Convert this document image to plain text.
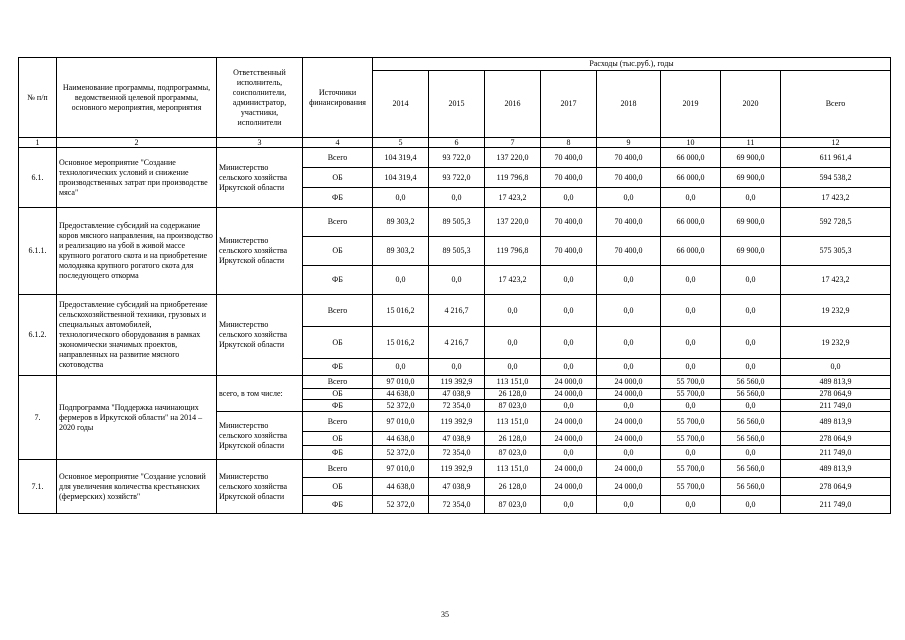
№ п/п	Наименование программы, подпрограммы, ведомственной целевой программы, основного мероприятия, мероприятия	Ответственный исполнитель, соисполнители, администратор, участники, исполнители	Источники финансирования	Расходы (тыс.руб.), годы							
				2014	2015	2016	2017	2018	2019	2020	Всего
1	2	3	4	5	6	7	8	9	10	11	12
6.1.	Основное мероприятие "Создание технологических условий и снижение производственных затрат при производстве мяса"	Министерство сельского хозяйства Иркутской области	Всего	104 319,4	93 722,0	137 220,0	70 400,0	70 400,0	66 000,0	69 900,0	611 961,4
			ОБ	104 319,4	93 722,0	119 796,8	70 400,0	70 400,0	66 000,0	69 900,0	594 538,2
			ФБ	0,0	0,0	17 423,2	0,0	0,0	0,0	0,0	17 423,2
6.1.1.	Предоставление субсидий на содержание коров мясного направления, на производство и реализацию на убой в живой массе крупного рогатого скота и на приобретение молодняка крупного рогатого скота для последующего откорма	Министерство сельского хозяйства Иркутской области	Всего	89 303,2	89 505,3	137 220,0	70 400,0	70 400,0	66 000,0	69 900,0	592 728,5
			ОБ	89 303,2	89 505,3	119 796,8	70 400,0	70 400,0	66 000,0	69 900,0	575 305,3
			ФБ	0,0	0,0	17 423,2	0,0	0,0	0,0	0,0	17 423,2
6.1.2.	Предоставление субсидий на приобретение сельскохозяйственной техники, грузовых и специальных автомобилей, технологического оборудования в рамках экономически значимых проектов, направленных на развитие мясного скотоводства	Министерство сельского хозяйства Иркутской области	Всего	15 016,2	4 216,7	0,0	0,0	0,0	0,0	0,0	19 232,9
			ОБ	15 016,2	4 216,7	0,0	0,0	0,0	0,0	0,0	19 232,9
			ФБ	0,0	0,0	0,0	0,0	0,0	0,0	0,0	0,0
7.	Подпрограмма "Поддержка начинающих фермеров в Иркутской области" на 2014 – 2020 годы	всего, в том числе:	Всего	97 010,0	119 392,9	113 151,0	24 000,0	24 000,0	55 700,0	56 560,0	489 813,9
			ОБ	44 638,0	47 038,9	26 128,0	24 000,0	24 000,0	55 700,0	56 560,0	278 064,9
			ФБ	52 372,0	72 354,0	87 023,0	0,0	0,0	0,0	0,0	211 749,0
		Министерство сельского хозяйства Иркутской области	Всего	97 010,0	119 392,9	113 151,0	24 000,0	24 000,0	55 700,0	56 560,0	489 813,9
			ОБ	44 638,0	47 038,9	26 128,0	24 000,0	24 000,0	55 700,0	56 560,0	278 064,9
			ФБ	52 372,0	72 354,0	87 023,0	0,0	0,0	0,0	0,0	211 749,0
7.1.	Основное мероприятие "Создание условий для увеличения количества крестьянских (фермерских) хозяйств"	Министерство сельского хозяйства Иркутской области	Всего	97 010,0	119 392,9	113 151,0	24 000,0	24 000,0	55 700,0	56 560,0	489 813,9
			ОБ	44 638,0	47 038,9	26 128,0	24 000,0	24 000,0	55 700,0	56 560,0	278 064,9
			ФБ	52 372,0	72 354,0	87 023,0	0,0	0,0	0,0	0,0	211 749,0
35
